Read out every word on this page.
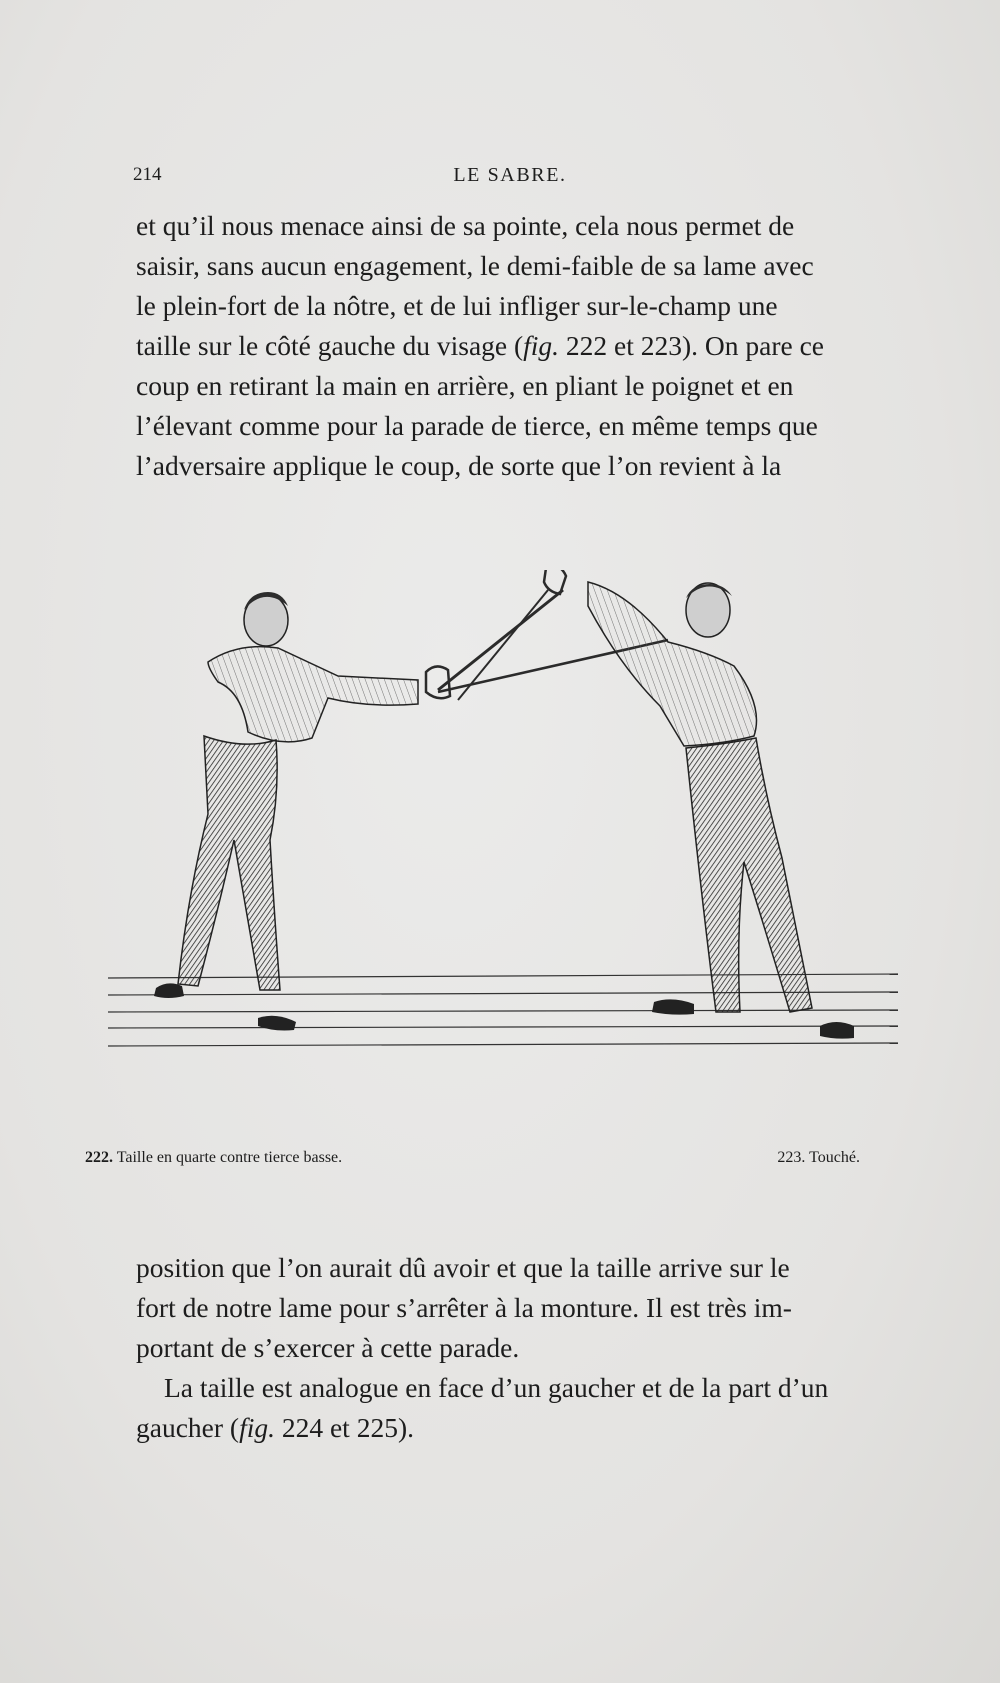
214	LE SABRE.

et qu’il nous menace ainsi de sa pointe, cela nous permet de

saisir, sans aucun engagement, le demi-faible de sa lame avec

le plein-fort de la nôtre, et de lui infliger sur-le-champ une

taille sur le côté gauche du visage (fig. 222 et 223). On pare ce

coup en retirant la main en arrière, en pliant le poignet et en

l’élevant comme pour la parade de tierce, en même temps que

l’adversaire applique le coup, de sorte que l’on revient à la

222. Taille en quarte contre tierce basse.	223. Touché.

position que l’on aurait dû avoir et que la taille arrive sur le

fort de notre lame pour s’arrêter à la monture. Il est très im-

portant de s’exercer à cette parade.

La taille est analogue en face d’un gaucher et de la part d’un

gaucher (fig. 224 et 225).
